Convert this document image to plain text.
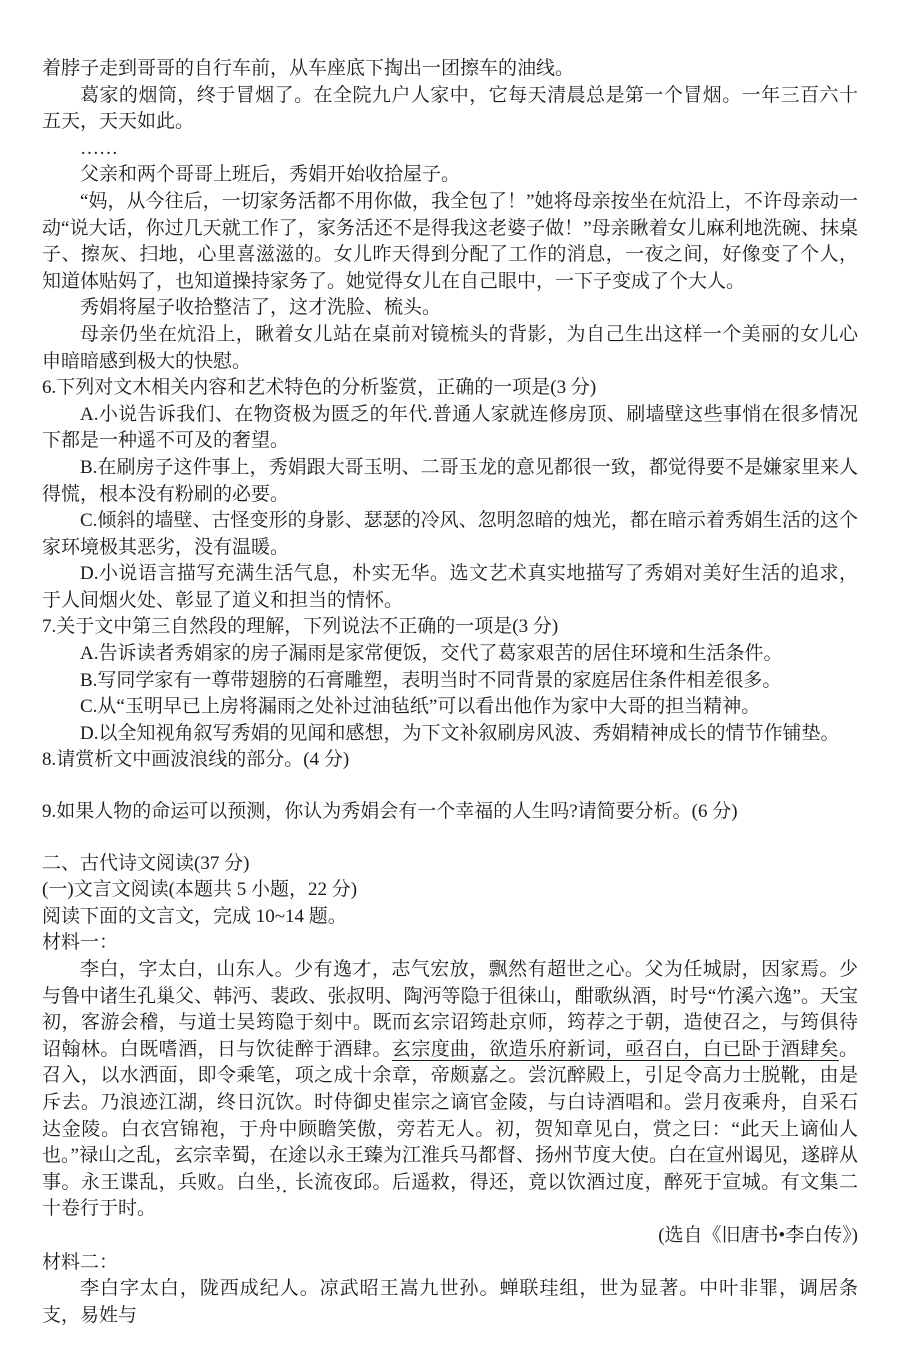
着脖子走到哥哥的自行车前，从车座底下掏出一团擦车的油线。

葛家的烟筒，终于冒烟了。在全院九户人家中，它每天清晨总是第一个冒烟。一年三百六十五天，天天如此。

……

父亲和两个哥哥上班后，秀娟开始收拾屋子。

“妈，从今往后，一切家务活都不用你做，我全包了！”她将母亲按坐在炕沿上，不许母亲动一动“说大话，你过几天就工作了，家务活还不是得我这老婆子做！”母亲瞅着女儿麻利地洗碗、抹桌子、擦灰、扫地，心里喜滋滋的。女儿昨天得到分配了工作的消息，一夜之间，好像变了个人，知道体贴妈了，也知道操持家务了。她觉得女儿在自己眼中，一下子变成了个大人。

秀娟将屋子收拾整洁了，这才洗脸、梳头。

母亲仍坐在炕沿上，瞅着女儿站在桌前对镜梳头的背影，为自己生出这样一个美丽的女儿心申暗暗感到极大的快慰。

6.下列对文木相关内容和艺术特色的分析鉴赏，正确的一项是(3 分)

A.小说告诉我们、在物资极为匮乏的年代.普通人家就连修房顶、刷墙壁这些事悄在很多情况下都是一种遥不可及的奢望。

B.在刷房子这件事上，秀娟跟大哥玉明、二哥玉龙的意见都很一致，都觉得要不是嫌家里来人得慌，根本没有粉刷的必要。

C.倾斜的墙壁、古怪变形的身影、瑟瑟的冷风、忽明忽暗的烛光，都在暗示着秀娟生活的这个家环境极其恶劣，没有温暖。

D.小说语言描写充满生活气息，朴实无华。选文艺术真实地描写了秀娟对美好生活的追求，于人间烟火处、彰显了道义和担当的情怀。

7.关于文中第三自然段的理解，下列说法不正确的一项是(3 分)

A.告诉读者秀娟家的房子漏雨是家常便饭，交代了葛家艰苦的居住环境和生活条件。

B.写同学家有一尊带翅膀的石膏雕塑，表明当时不同背景的家庭居住条件相差很多。

C.从“玉明早已上房将漏雨之处补过油毡纸”可以看出他作为家中大哥的担当精神。

D.以全知视角叙写秀娟的见闻和感想，为下文补叙刷房风波、秀娟精神成长的情节作铺垫。

8.请赏析文中画波浪线的部分。(4 分)

9.如果人物的命运可以预测，你认为秀娟会有一个幸福的人生吗?请简要分析。(6 分)

二、古代诗文阅读(37 分)

(一)文言文阅读(本题共 5 小题，22 分)

阅读下面的文言文，完成 10~14 题。

材料一：

李白，字太白，山东人。少有逸才，志气宏放，飘然有超世之心。父为任城尉，因家焉。少与鲁中诸生孔巢父、韩沔、裴政、张叔明、陶沔等隐于徂徕山，酣歌纵酒，时号“竹溪六逸”。天宝初，客游会稽，与道士吴筠隐于刻中。既而玄宗诏筠赴京师，筠荐之于朝，造使召之，与筠俱待诏翰林。白既嗜酒，日与饮徒醉于酒肆。玄宗度曲，欲造乐府新词，亟召白，白已卧于酒肆矣。召入，以水洒面，即令乘笔，项之成十余章，帝颇嘉之。尝沉醉殿上，引足令高力士脱靴，由是斥去。乃浪迹江湖，终日沉饮。时侍御史崔宗之谪官金陵，与白诗酒唱和。尝月夜乘舟，自采石达金陵。白衣宫锦袍，于舟中顾瞻笑傲，旁若无人。初，贺知章见白，赏之曰：“此天上谪仙人也。”禄山之乱，玄宗幸蜀，在途以永王臻为江淮兵马都督、扬州节度大使。白在宣州谒见，遂辟从事。永王谍乱，兵败。白坐，长流夜邱。后遥救，得还，竟以饮酒过度，醉死于宣城。有文集二十卷行于时。

(选自《旧唐书•李白传》)

材料二：

李白字太白，陇西成纪人。凉武昭王嵩九世孙。蝉联珪组，世为显著。中叶非罪，调居条支，易姓与
